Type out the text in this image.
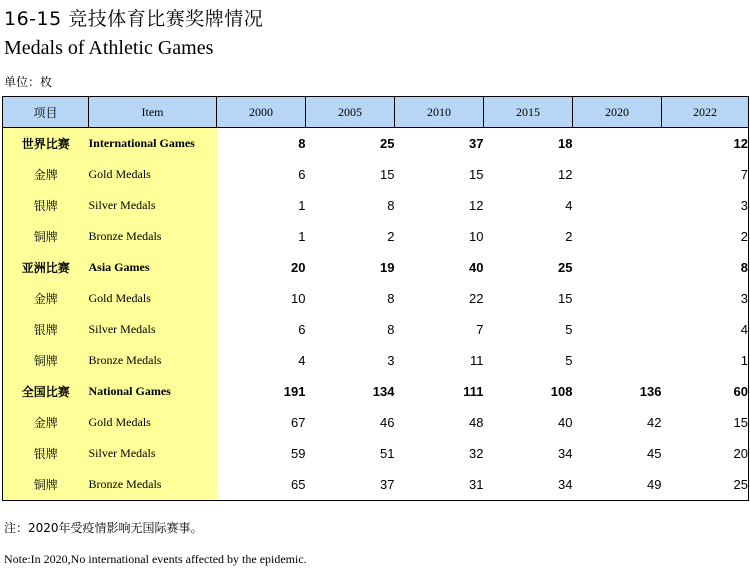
16-15 竞技体育比赛奖牌情况
Medals of Athletic Games
单位：枚
项目	Item	2000	2005	2010	2015	2020	2022
世界比赛	International Games	8	25	37	18		12
金牌	Gold Medals	6	15	15	12		7
银牌	Silver Medals	1	8	12	4		3
铜牌	Bronze Medals	1	2	10	2		2
亚洲比赛	Asia Games	20	19	40	25		8
金牌	Gold Medals	10	8	22	15		3
银牌	Silver Medals	6	8	7	5		4
铜牌	Bronze Medals	4	3	11	5		1
全国比赛	National Games	191	134	111	108	136	60
金牌	Gold Medals	67	46	48	40	42	15
银牌	Silver Medals	59	51	32	34	45	20
铜牌	Bronze Medals	65	37	31	34	49	25
注：2020年受疫情影响无国际赛事。
Note:In 2020,No international events affected by the epidemic.
